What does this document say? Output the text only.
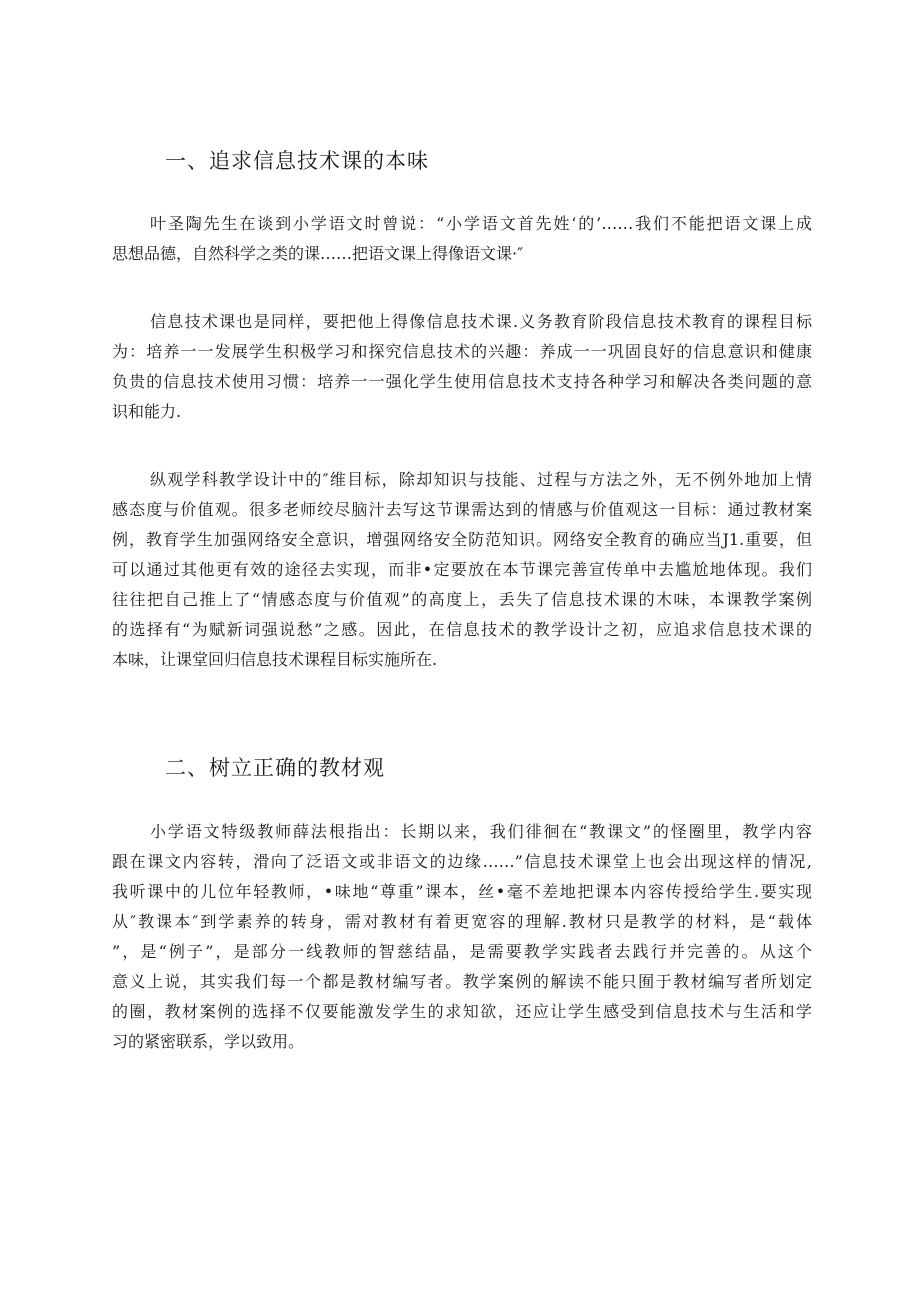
一、追求信息技术课的本味
叶圣陶先生在谈到小学语文时曾说：“小学语文首先姓‘的’……我们不能把语文课上成
思想品德，自然科学之类的课……把语文课上得像语文课·″
信息技术课也是同样，要把他上得像信息技术课.义务教育阶段信息技术教育的课程目标
为：培养一一发展学生积极学习和探究信息技术的兴趣：养成一一巩固良好的信息意识和健康
负贵的信息技术使用习惯：培养一一强化学生使用信息技术支持各种学习和解决各类问题的意
识和能力.
纵观学科教学设计中的″维目标，除却知识与技能、过程与方法之外，无不例外地加上情
感态度与价值观。很多老师绞尽脑汁去写这节课需达到的情感与价值观这一目标：通过教材案
例，教育学生加强网络安全意识，增强网络安全防范知识。网络安全教育的确应当J1.重要，但
可以通过其他更有效的途径去实现，而非•定要放在本节课完善宣传单中去尴尬地体现。我们
往往把自己推上了“情感态度与价值观”的高度上，丢失了信息技术课的木味，本课教学案例
的选择有“为赋新词强说愁”之感。因此，在信息技术的教学设计之初，应追求信息技术课的
本味，让课堂回归信息技术课程目标实施所在.
二、树立正确的教材观
小学语文特级教师薛法根指出：长期以来，我们徘徊在“教课文”的怪圈里，教学内容
跟在课文内容转，滑向了泛语文或非语文的边缘……”信息技术课堂上也会出现这样的情况,
我听课中的儿位年轻教师，•味地“尊重”课本，丝•毫不差地把课本内容传授给学生.要实现
从″教课本″到学素养的转身，需对教材有着更宽容的理解.教材只是教学的材料，是“载体
”，是“例子”，是部分一线教师的智慈结晶，是需要教学实践者去践行并完善的。从这个
意义上说，其实我们每一个都是教材编写者。教学案例的解读不能只囿于教材编写者所划定
的圈，教材案例的选择不仅要能激发学生的求知欲，还应让学生感受到信息技术与生活和学
习的紧密联系，学以致用。
